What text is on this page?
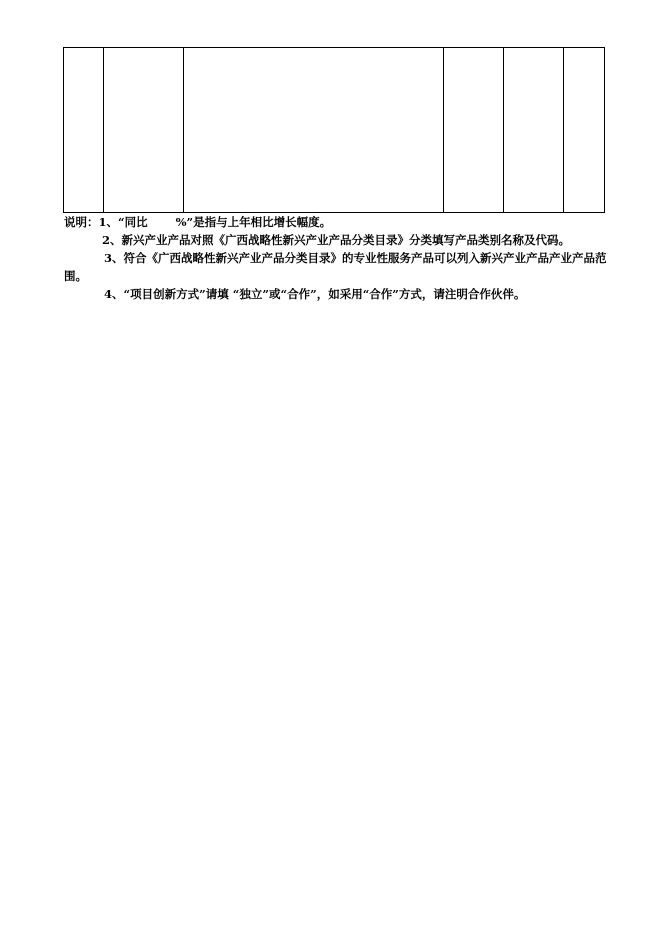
说明：1、“同比 %”是指与上年相比增长幅度。
2、新兴产业产品对照《广西战略性新兴产业产品分类目录》分类填写产品类别名称及代码。
3、符合《广西战略性新兴产业产品分类目录》的专业性服务产品可以列入新兴产业产品产业产品范
围。
4、“项目创新方式”请填 “独立”或“合作”，如采用“合作”方式，请注明合作伙伴。
